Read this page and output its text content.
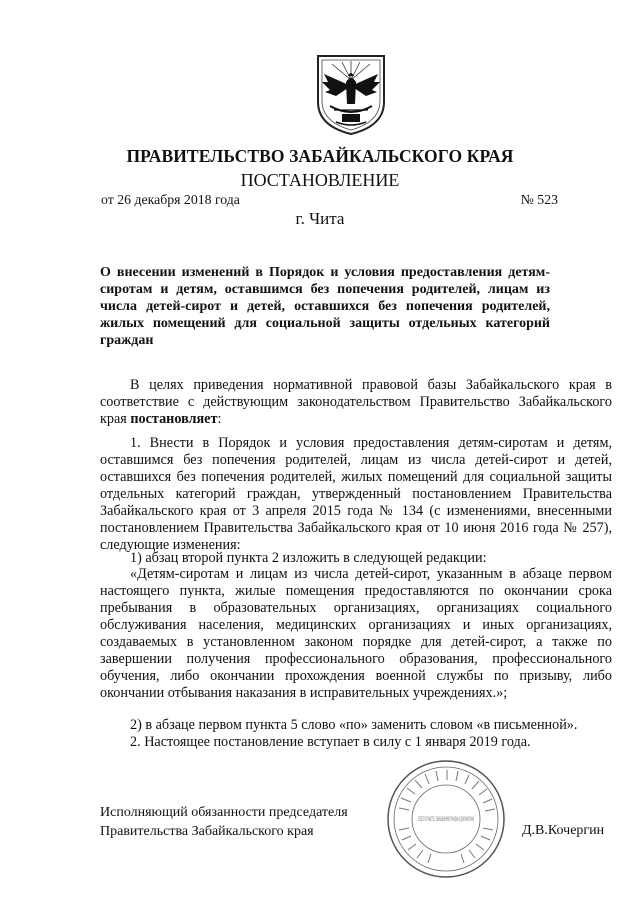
ПРАВИТЕЛЬСТВО ЗАБАЙКАЛЬСКОГО КРАЯ
ПОСТАНОВЛЕНИЕ
от 26 декабря 2018 года	№ 523
г. Чита
О внесении изменений в Порядок и условия предоставления детям-сиротам и детям, оставшимся без попечения родителей, лицам из числа детей-сирот и детей, оставшихся без попечения родителей, жилых помещений для социальной защиты отдельных категорий граждан
В целях приведения нормативной правовой базы Забайкальского края в соответствие с действующим законодательством Правительство Забайкальского края постановляет:
1. Внести в Порядок и условия предоставления детям-сиротам и детям, оставшимся без попечения родителей, лицам из числа детей-сирот и детей, оставшихся без попечения родителей, жилых помещений для социальной защиты отдельных категорий граждан, утвержденный постановлением Правительства Забайкальского края от 3 апреля 2015 года № 134 (с изменениями, внесенными постановлением Правительства Забайкальского края от 10 июня 2016 года № 257), следующие изменения:
1) абзац второй пункта 2 изложить в следующей редакции:
«Детям-сиротам и лицам из числа детей-сирот, указанным в абзаце первом настоящего пункта, жилые помещения предоставляются по окончании срока пребывания в образовательных организациях, организациях социального обслуживания населения, медицинских организациях и иных организациях, создаваемых в установленном законом порядке для детей-сирот, а также по завершении получения профессионального образования, профессионального обучения, либо окончании прохождения военной службы по призыву, либо окончании отбывания наказания в исправительных учреждениях.»;
2) в абзаце первом пункта 5 слово «по» заменить словом «в письменной».
2. Настоящее постановление вступает в силу с 1 января 2019 года.
ОТДЕЛ ПО РАБОТЕ С ОБРАЩЕНИЯМИ ГРАЖДАН И ДОКУМЕНТАМИ
Исполняющий обязанности председателя
Правительства Забайкальского края	Д.В.Кочергин
